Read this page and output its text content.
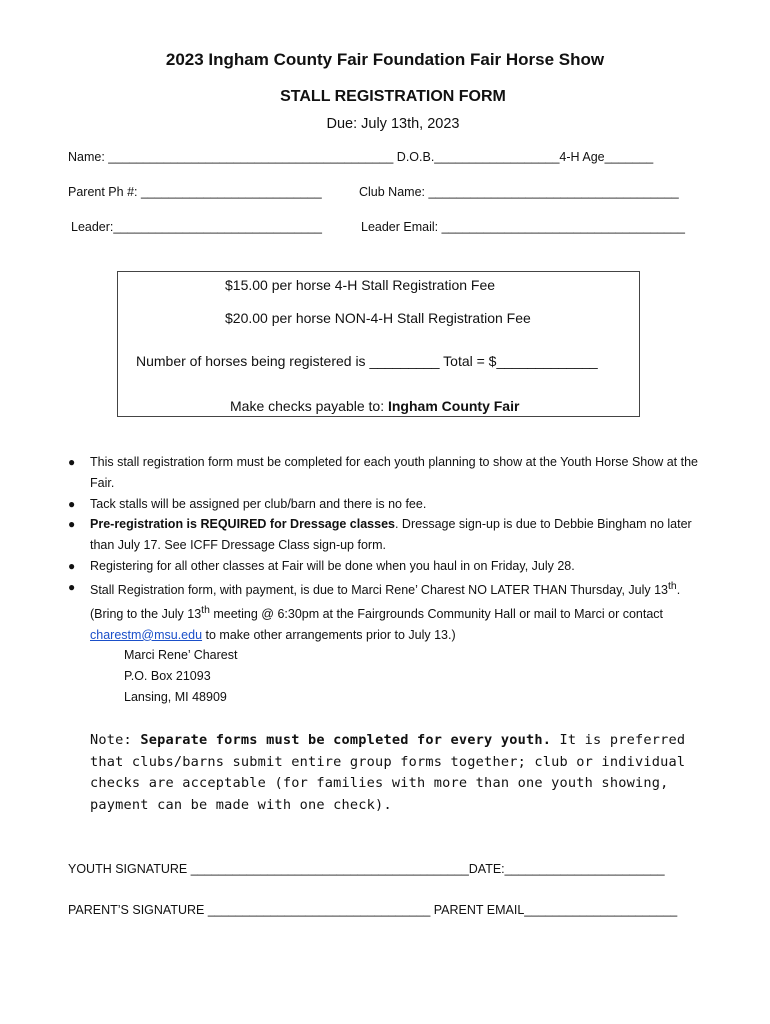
2023 Ingham County Fair Foundation Fair Horse Show
STALL REGISTRATION FORM
Due: July 13th, 2023
Name: _________________________________________ D.O.B.__________________4-H Age_______
Parent Ph #: __________________________	Club Name: ____________________________________
Leader:______________________________	Leader Email: ___________________________________
$15.00 per horse 4-H Stall Registration Fee
$20.00 per horse NON-4-H Stall Registration Fee
Number of horses being registered is _________ Total = $_____________
Make checks payable to: Ingham County Fair
● This stall registration form must be completed for each youth planning to show at the Youth Horse Show at the Fair.
● Tack stalls will be assigned per club/barn and there is no fee.
● Pre-registration is REQUIRED for Dressage classes. Dressage sign-up is due to Debbie Bingham no later than July 17. See ICFF Dressage Class sign-up form.
● Registering for all other classes at Fair will be done when you haul in on Friday, July 28.
● Stall Registration form, with payment, is due to Marci Rene’ Charest NO LATER THAN Thursday, July 13th. (Bring to the July 13th meeting @ 6:30pm at the Fairgrounds Community Hall or mail to Marci or contact charestm@msu.edu to make other arrangements prior to July 13.)
Marci Rene’ Charest
P.O. Box 21093
Lansing, MI 48909
Note: Separate forms must be completed for every youth. It is preferred that clubs/barns submit entire group forms together; club or individual checks are acceptable (for families with more than one youth showing, payment can be made with one check).
YOUTH SIGNATURE ________________________________________DATE:_______________________
PARENT’S SIGNATURE ________________________________ PARENT EMAIL______________________
